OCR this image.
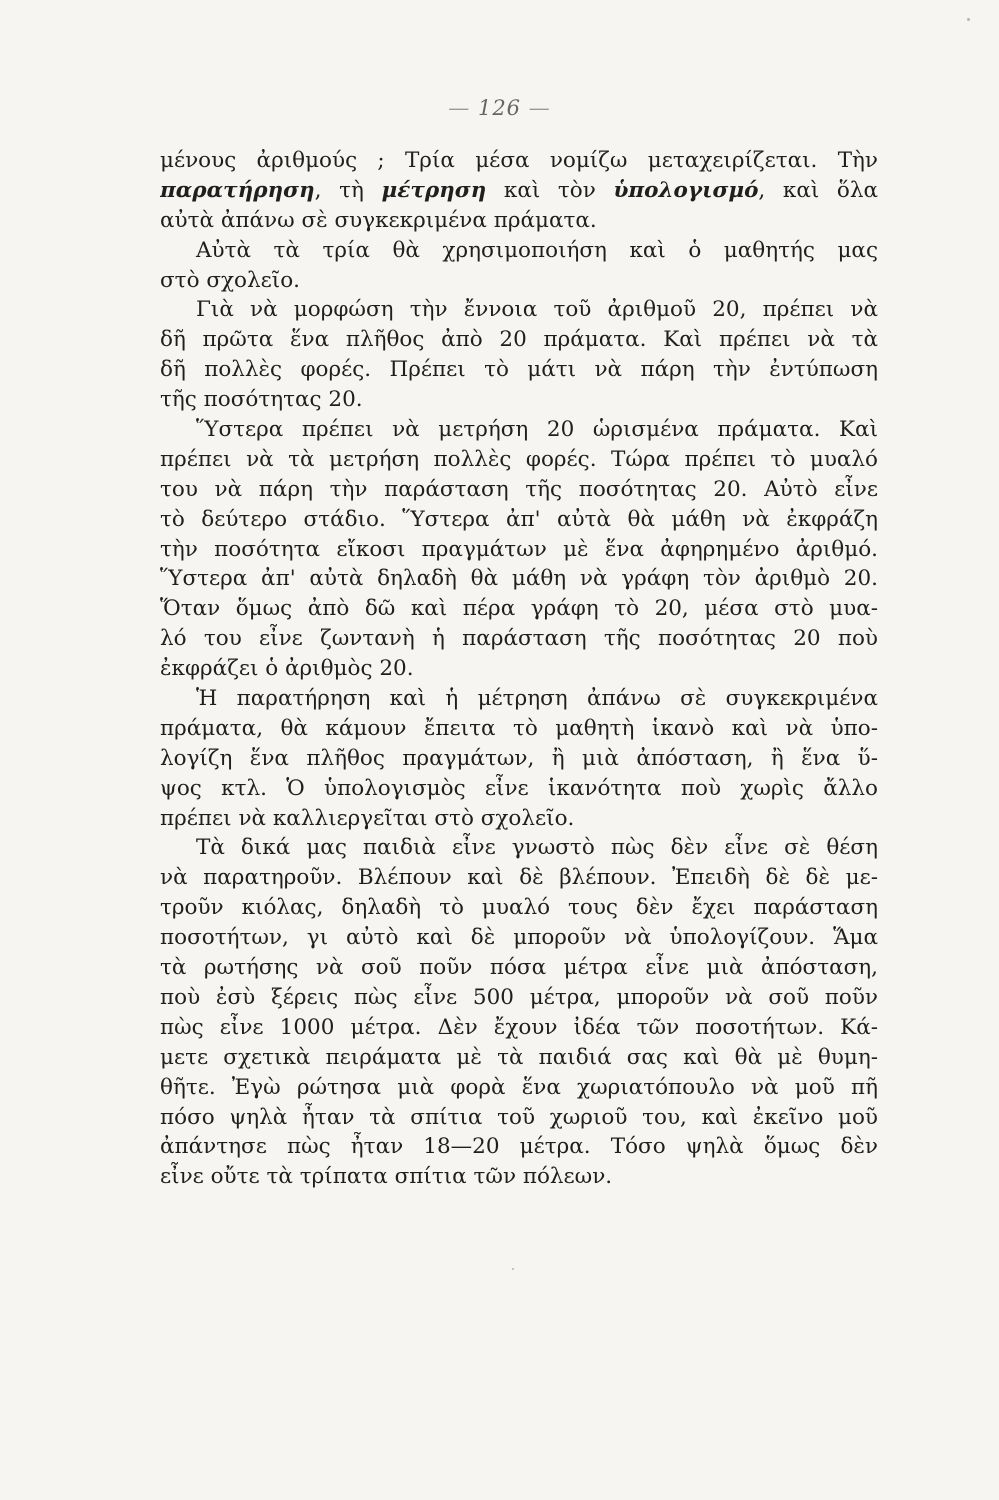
— 126 —
μένους ἀριθμούς ; Τρία μέσα νομίζω μεταχειρίζεται. Τὴν
παρατήρηση, τὴ μέτρηση καὶ τὸν ὑπολογισμό, καὶ ὅλα
αὐτὰ ἀπάνω σὲ συγκεκριμένα πράματα.
Αὐτὰ τὰ τρία θὰ χρησιμοποιήση καὶ ὁ μαθητής μας
στὸ σχολεῖο.
Γιὰ νὰ μορφώση τὴν ἔννοια τοῦ ἀριθμοῦ 20, πρέπει νὰ
δῆ πρῶτα ἕνα πλῆθος ἀπὸ 20 πράματα. Καὶ πρέπει νὰ τὰ
δῆ πολλὲς φορές. Πρέπει τὸ μάτι νὰ πάρη τὴν ἐντύπωση
τῆς ποσότητας 20.
Ὕστερα πρέπει νὰ μετρήση 20 ὡρισμένα πράματα. Καὶ
πρέπει νὰ τὰ μετρήση πολλὲς φορές. Τώρα πρέπει τὸ μυαλό
του νὰ πάρη τὴν παράσταση τῆς ποσότητας 20. Αὐτὸ εἶνε
τὸ δεύτερο στάδιο. Ὕστερα ἀπ' αὐτὰ θὰ μάθη νὰ ἐκφράζη
τὴν ποσότητα εἴκοσι πραγμάτων μὲ ἕνα ἀφηρημένο ἀριθμό.
Ὕστερα ἀπ' αὐτὰ δηλαδὴ θὰ μάθη νὰ γράφη τὸν ἀριθμὸ 20.
Ὅταν ὅμως ἀπὸ δῶ καὶ πέρα γράφη τὸ 20, μέσα στὸ μυα-
λό του εἶνε ζωντανὴ ἡ παράσταση τῆς ποσότητας 20 ποὺ
ἐκφράζει ὁ ἀριθμὸς 20.
Ἡ παρατήρηση καὶ ἡ μέτρηση ἀπάνω σὲ συγκεκριμένα
πράματα, θὰ κάμουν ἔπειτα τὸ μαθητὴ ἱκανὸ καὶ νὰ ὑπο-
λογίζη ἕνα πλῆθος πραγμάτων, ἢ μιὰ ἀπόσταση, ἢ ἕνα ὕ-
ψος κτλ. Ὁ ὑπολογισμὸς εἶνε ἱκανότητα ποὺ χωρὶς ἄλλο
πρέπει νὰ καλλιεργεῖται στὸ σχολεῖο.
Τὰ δικά μας παιδιὰ εἶνε γνωστὸ πὼς δὲν εἶνε σὲ θέση
νὰ παρατηροῦν. Βλέπουν καὶ δὲ βλέπουν. Ἐπειδὴ δὲ δὲ με-
τροῦν κιόλας, δηλαδὴ τὸ μυαλό τους δὲν ἔχει παράσταση
ποσοτήτων, γι αὐτὸ καὶ δὲ μποροῦν νὰ ὑπολογίζουν. Ἅμα
τὰ ρωτήσης νὰ σοῦ ποῦν πόσα μέτρα εἶνε μιὰ ἀπόσταση,
ποὺ ἐσὺ ξέρεις πὼς εἶνε 500 μέτρα, μποροῦν νὰ σοῦ ποῦν
πὼς εἶνε 1000 μέτρα. Δὲν ἔχουν ἰδέα τῶν ποσοτήτων. Κά-
μετε σχετικὰ πειράματα μὲ τὰ παιδιά σας καὶ θὰ μὲ θυμη-
θῆτε. Ἐγὼ ρώτησα μιὰ φορὰ ἕνα χωριατόπουλο νὰ μοῦ πῆ
πόσο ψηλὰ ἦταν τὰ σπίτια τοῦ χωριοῦ του, καὶ ἐκεῖνο μοῦ
ἀπάντησε πὼς ἦταν 18—20 μέτρα. Τόσο ψηλὰ ὅμως δὲν
εἶνε οὔτε τὰ τρίπατα σπίτια τῶν πόλεων.
